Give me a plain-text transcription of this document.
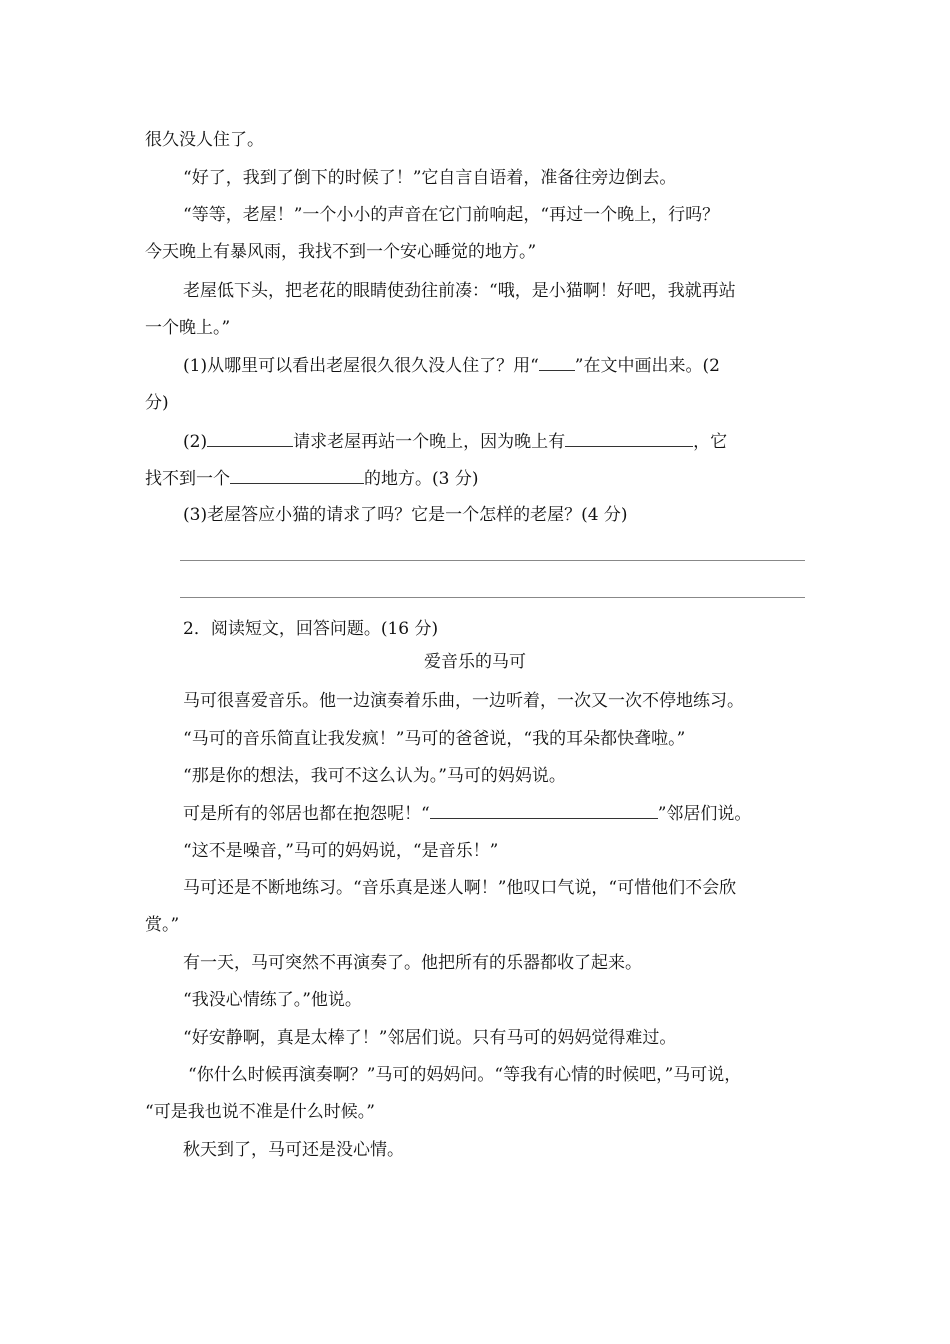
很久没人住了。
“好了，我到了倒下的时候了！”它自言自语着，准备往旁边倒去。
“等等，老屋！”一个小小的声音在它门前响起，“再过一个晚上，行吗？
今天晚上有暴风雨，我找不到一个安心睡觉的地方。”
老屋低下头，把老花的眼睛使劲往前凑：“哦，是小猫啊！好吧，我就再站
一个晚上。”
(1)从哪里可以看出老屋很久很久没人住了？用“ ”在文中画出来。(2
分)
(2)	请求老屋再站一个晚上，因为晚上有	，它
找不到一个	的地方。(3 分)
(3)老屋答应小猫的请求了吗？它是一个怎样的老屋？(4 分)
2．阅读短文，回答问题。(16 分)
爱音乐的马可
马可很喜爱音乐。他一边演奏着乐曲，一边听着，一次又一次不停地练习。
“马可的音乐简直让我发疯！”马可的爸爸说，“我的耳朵都快聋啦。”
“那是你的想法，我可不这么认为。”马可的妈妈说。
可是所有的邻居也都在抱怨呢！“	”邻居们说。
“这不是噪音，”马可的妈妈说，“是音乐！”
马可还是不断地练习。“音乐真是迷人啊！”他叹口气说，“可惜他们不会欣
赏。”
有一天，马可突然不再演奏了。他把所有的乐器都收了起来。
“我没心情练了。”他说。
“好安静啊，真是太棒了！”邻居们说。只有马可的妈妈觉得难过。
“你什么时候再演奏啊？”马可的妈妈问。“等我有心情的时候吧，”马可说，
“可是我也说不准是什么时候。”
秋天到了，马可还是没心情。
